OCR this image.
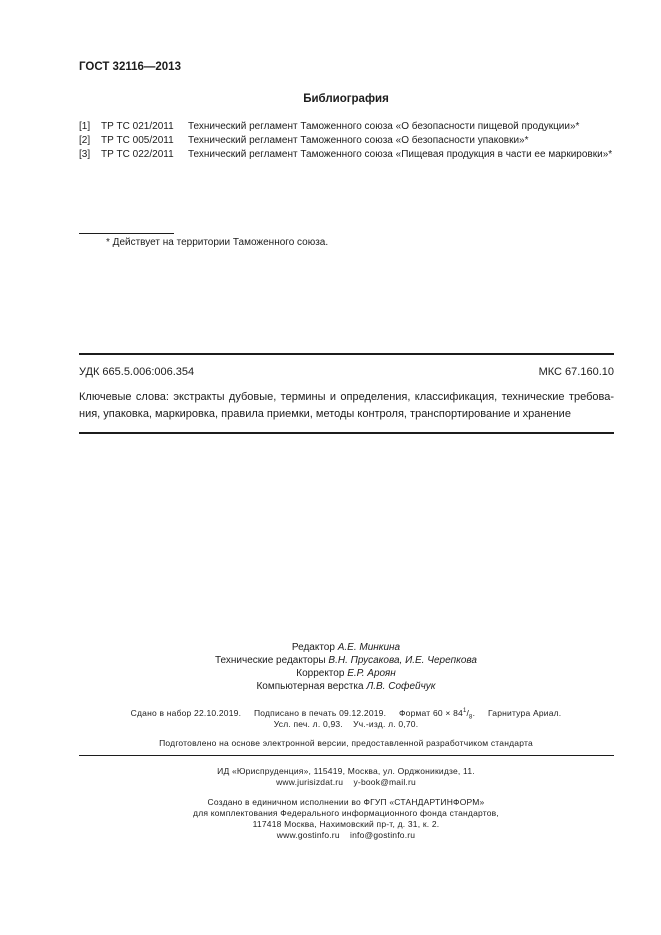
ГОСТ 32116—2013
Библиография
[1] ТР ТС 021/2011 Технический регламент Таможенного союза «О безопасности пищевой продукции»*
[2] ТР ТС 005/2011 Технический регламент Таможенного союза «О безопасности упаковки»*
[3] ТР ТС 022/2011 Технический регламент Таможенного союза «Пищевая продукция в части ее маркировки»*
* Действует на территории Таможенного союза.
УДК 665.5.006:006.354	МКС 67.160.10
Ключевые слова: экстракты дубовые, термины и определения, классификация, технические требова-
ния, упаковка, маркировка, правила приемки, методы контроля, транспортирование и хранение
Редактор А.Е. Минкина
Технические редакторы В.Н. Прусакова, И.Е. Черепкова
Корректор Е.Р. Ароян
Компьютерная верстка Л.В. Софейчук
Сдано в набор 22.10.2019. Подписано в печать 09.12.2019. Формат $60 \times 84^1/_8$. Гарнитура Ариал.
Усл. печ. л. 0,93.    Уч.-изд. л. 0,70.
Подготовлено на основе электронной версии, предоставленной разработчиком стандарта
ИД «Юриспруденция», 115419, Москва, ул. Орджоникидзе, 11.
www.jurisizdat.ru    y-book@mail.ru
Создано в единичном исполнении во ФГУП «СТАНДАРТИНФОРМ»
для комплектования Федерального информационного фонда стандартов,
117418 Москва, Нахимовский пр-т, д. 31, к. 2.
www.gostinfo.ru    info@gostinfo.ru
